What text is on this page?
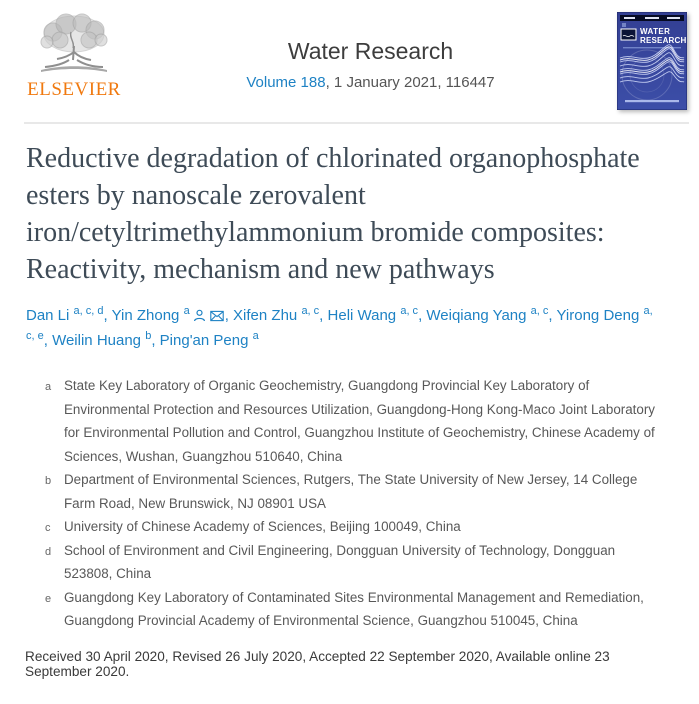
ELSEVIER
Water Research
Volume 188, 1 January 2021, 116447
WATER
RESEARCH
Reductive degradation of chlorinated organophosphate esters by nanoscale zerovalent iron/cetyltrimethylammonium bromide composites: Reactivity, mechanism and new pathways
Dan Li $^{a, c, d}$, Yin Zhong $^a$ , Xifen Zhu $^{a, c}$, Heli Wang $^{a, c}$, Weiqiang Yang $^{a, c}$, Yirong Deng $^{a, c, e}$, Weilin Huang $^b$, Ping'an Peng $^a$
a State Key Laboratory of Organic Geochemistry, Guangdong Provincial Key Laboratory of Environmental Protection and Resources Utilization, Guangdong-Hong Kong-Maco Joint Laboratory for Environmental Pollution and Control, Guangzhou Institute of Geochemistry, Chinese Academy of Sciences, Wushan, Guangzhou 510640, China
b Department of Environmental Sciences, Rutgers, The State University of New Jersey, 14 College Farm Road, New Brunswick, NJ 08901 USA
c University of Chinese Academy of Sciences, Beijing 100049, China
d School of Environment and Civil Engineering, Dongguan University of Technology, Dongguan 523808, China
e Guangdong Key Laboratory of Contaminated Sites Environmental Management and Remediation, Guangdong Provincial Academy of Environmental Science, Guangzhou 510045, China
Received 30 April 2020, Revised 26 July 2020, Accepted 22 September 2020, Available online 23 September 2020.
